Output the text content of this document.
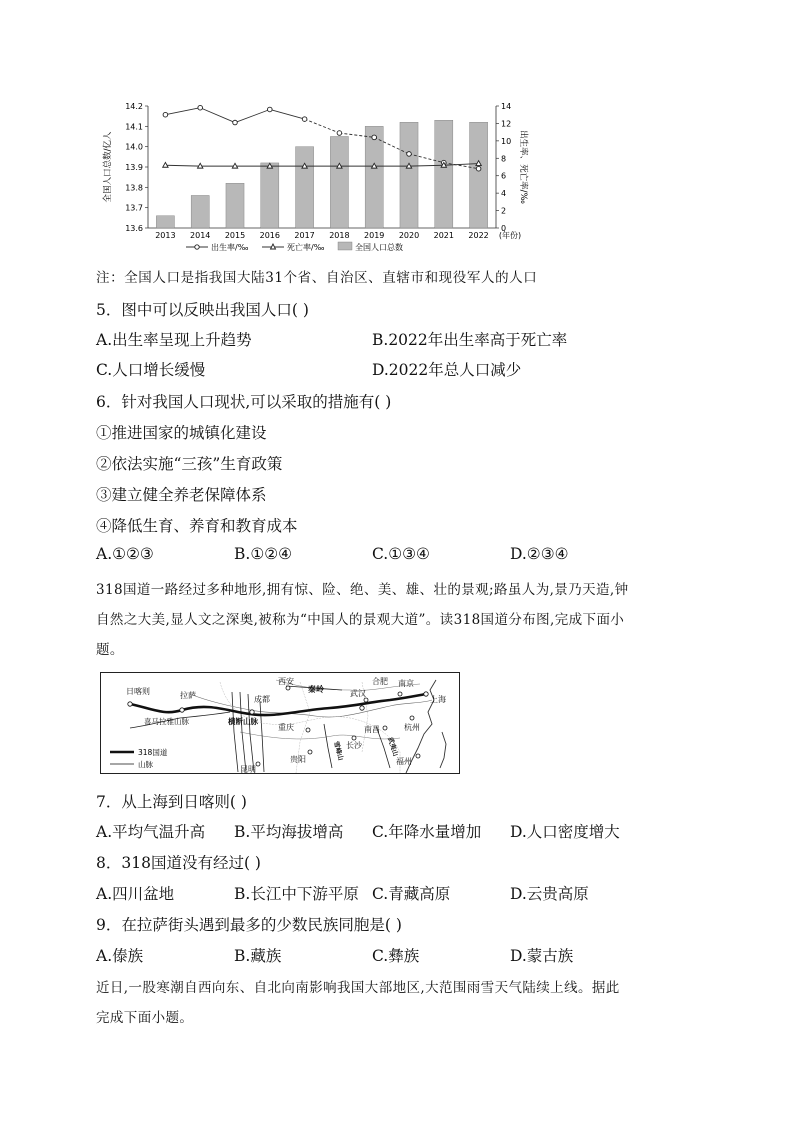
13.6
13.7
13.8
13.9
14.0
14.1
14.2
0
2
4
6
8
10
12
14
全国人口总数/亿人	出生率、死亡率/‰
2013 2014 2015 2016 2017 2018 2019 2020 2021 2022 (年份)
出生率/‰	死亡率/‰	全国人口总数
注：全国人口是指我国大陆31个省、自治区、直辖市和现役军人的人口
5．图中可以反映出我国人口( )
A.出生率呈现上升趋势	B.2022年出生率高于死亡率
C.人口增长缓慢	D.2022年总人口减少
6．针对我国人口现状,可以采取的措施有( )
①推进国家的城镇化建设
②依法实施“三孩”生育政策
③建立健全养老保障体系
④降低生育、养育和教育成本
A.①②③	B.①②④	C.①③④	D.②③④
318国道一路经过多种地形,拥有惊、险、绝、美、雄、壮的景观;路虽人为,景乃天造,钟
自然之大美,显人文之深奥,被称为“中国人的景观大道”。读318国道分布图,完成下面小
题。
318国道
山脉
日喀则	拉萨	成都
西安
秦岭
合肥 南京
武汉
上海
重庆	南昌	杭州
长沙
贵阳	福州
昆明
喜马拉雅山脉	横断山脉
雪峰山	武夷山
7．从上海到日喀则( )
A.平均气温升高 B.平均海拔增高 C.年降水量增加 D.人口密度增大
8．318国道没有经过( )
A.四川盆地	B.长江中下游平原 C.青藏高原	D.云贵高原
9．在拉萨街头遇到最多的少数民族同胞是( )
A.傣族	B.藏族	C.彝族	D.蒙古族
近日,一股寒潮自西向东、自北向南影响我国大部地区,大范围雨雪天气陆续上线。据此
完成下面小题。
